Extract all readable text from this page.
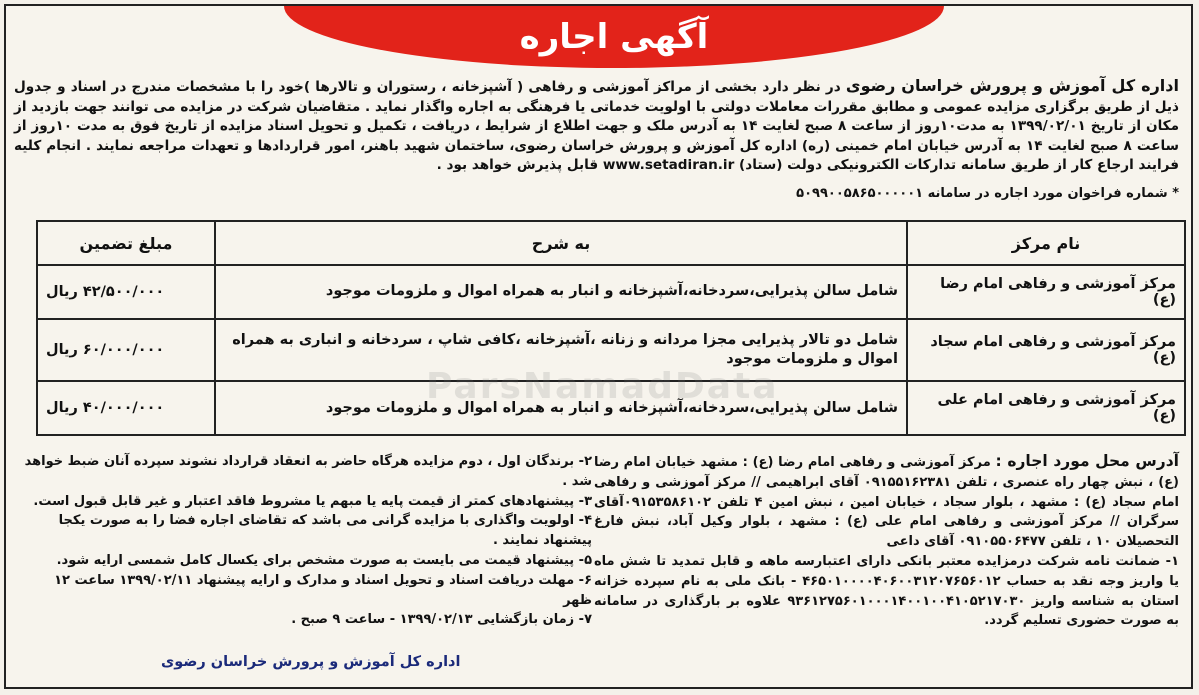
آگهی اجاره
اداره کل آموزش و پرورش خراسان رضوی در نظر دارد بخشی از مراکز آموزشی و رفاهی ( آشپزخانه ، رستوران و تالارها )خود را با مشخصات مندرج در اسناد و جدول ذیل از طریق برگزاری مزایده عمومی و مطابق مقررات معاملات دولتی با اولویت خدماتی یا فرهنگی به اجاره واگذار نماید . متقاضیان شرکت در مزایده می توانند جهت بازدید از مکان از تاریخ ۱۳۹۹/۰۲/۰۱ به مدت۱۰روز از ساعت ۸ صبح لغایت ۱۴ به آدرس ملک و جهت اطلاع از شرایط ، دریافت ، تکمیل و تحویل اسناد مزایده از تاریخ فوق به مدت ۱۰روز از ساعت ۸ صبح لغایت ۱۴ به آدرس خیابان امام خمینی (ره) اداره کل آموزش و پرورش خراسان رضوی، ساختمان شهید باهنر، امور قراردادها و تعهدات مراجعه نمایند . انجام کلیه فرایند ارجاع کار از طریق سامانه تدارکات الکترونیکی دولت (ستاد) www.setadiran.ir قابل پذیرش خواهد بود .
* شماره فراخوان مورد اجاره در سامانه ۵۰۹۹۰۰۵۸۶۵۰۰۰۰۰۱
نام مرکز	به شرح	مبلغ تضمین
مرکز آموزشی و رفاهی امام رضا (ع)	شامل سالن پذیرایی،سردخانه،آشپزخانه و انبار به همراه اموال و ملزومات موجود	۴۲/۵۰۰/۰۰۰ ریال
مرکز آموزشی و رفاهی امام سجاد (ع)	شامل دو تالار پذیرایی مجزا مردانه و زنانه ،آشپزخانه ،کافی شاپ ، سردخانه و انباری به همراه اموال و ملزومات موجود	۶۰/۰۰۰/۰۰۰ ریال
مرکز آموزشی و رفاهی امام علی (ع)	شامل سالن پذیرایی،سردخانه،آشپزخانه و انبار به همراه اموال و ملزومات موجود	۴۰/۰۰۰/۰۰۰ ریال
ParsNamadData
آدرس محل مورد اجاره : مرکز آموزشی و رفاهی امام رضا (ع) : مشهد خیابان امام رضا (ع) ، نبش چهار راه عنصری ، تلفن ۰۹۱۵۵۱۶۲۳۸۱ آقای ابراهیمی // مرکز آموزشی و رفاهی امام سجاد (ع) : مشهد ، بلوار سجاد ، خیابان امین ، نبش امین ۴ تلفن ۰۹۱۵۳۵۸۶۱۰۲آقای سرگران // مرکز آموزشی و رفاهی امام علی (ع) : مشهد ، بلوار وکیل آباد، نبش فارغ التحصیلان ۱۰ ، تلفن ۰۹۱۰۵۵۰۶۴۷۷ آقای داعی
۱- ضمانت نامه شرکت درمزایده معتبر بانکی دارای اعتبارسه ماهه و قابل تمدید تا شش ماه یا واریز وجه نقد به حساب ۴۶۵۰۱۰۰۰۰۴۰۶۰۰۳۱۲۰۷۶۵۶۰۱۲ - بانک ملی به نام سپرده خزانه استان به شناسه واریز ۹۳۶۱۲۷۵۶۰۱۰۰۰۱۴۰۰۱۰۰۴۱۰۵۲۱۷۰۳۰ علاوه بر بارگذاری در سامانه به صورت حضوری تسلیم گردد.
۲- برندگان اول ، دوم مزایده هرگاه حاضر به انعقاد قرارداد نشوند سپرده آنان ضبط خواهد شد .
۳- پیشنهادهای کمتر از قیمت پایه یا مبهم یا مشروط فاقد اعتبار و غیر قابل قبول است.
۴- اولویت واگذاری با مزایده گرانی می باشد که تقاضای اجاره فضا را به صورت یکجا پیشنهاد نمایند .
۵- پیشنهاد قیمت می بایست به صورت مشخص برای یکسال کامل شمسی ارایه شود.
۶- مهلت دریافت اسناد و تحویل اسناد و مدارک و ارایه پیشنهاد ۱۳۹۹/۰۲/۱۱ ساعت ۱۲ ظهر
۷- زمان بازگشایی ۱۳۹۹/۰۲/۱۳ - ساعت ۹ صبح .
اداره کل آموزش و پرورش خراسان رضوی
